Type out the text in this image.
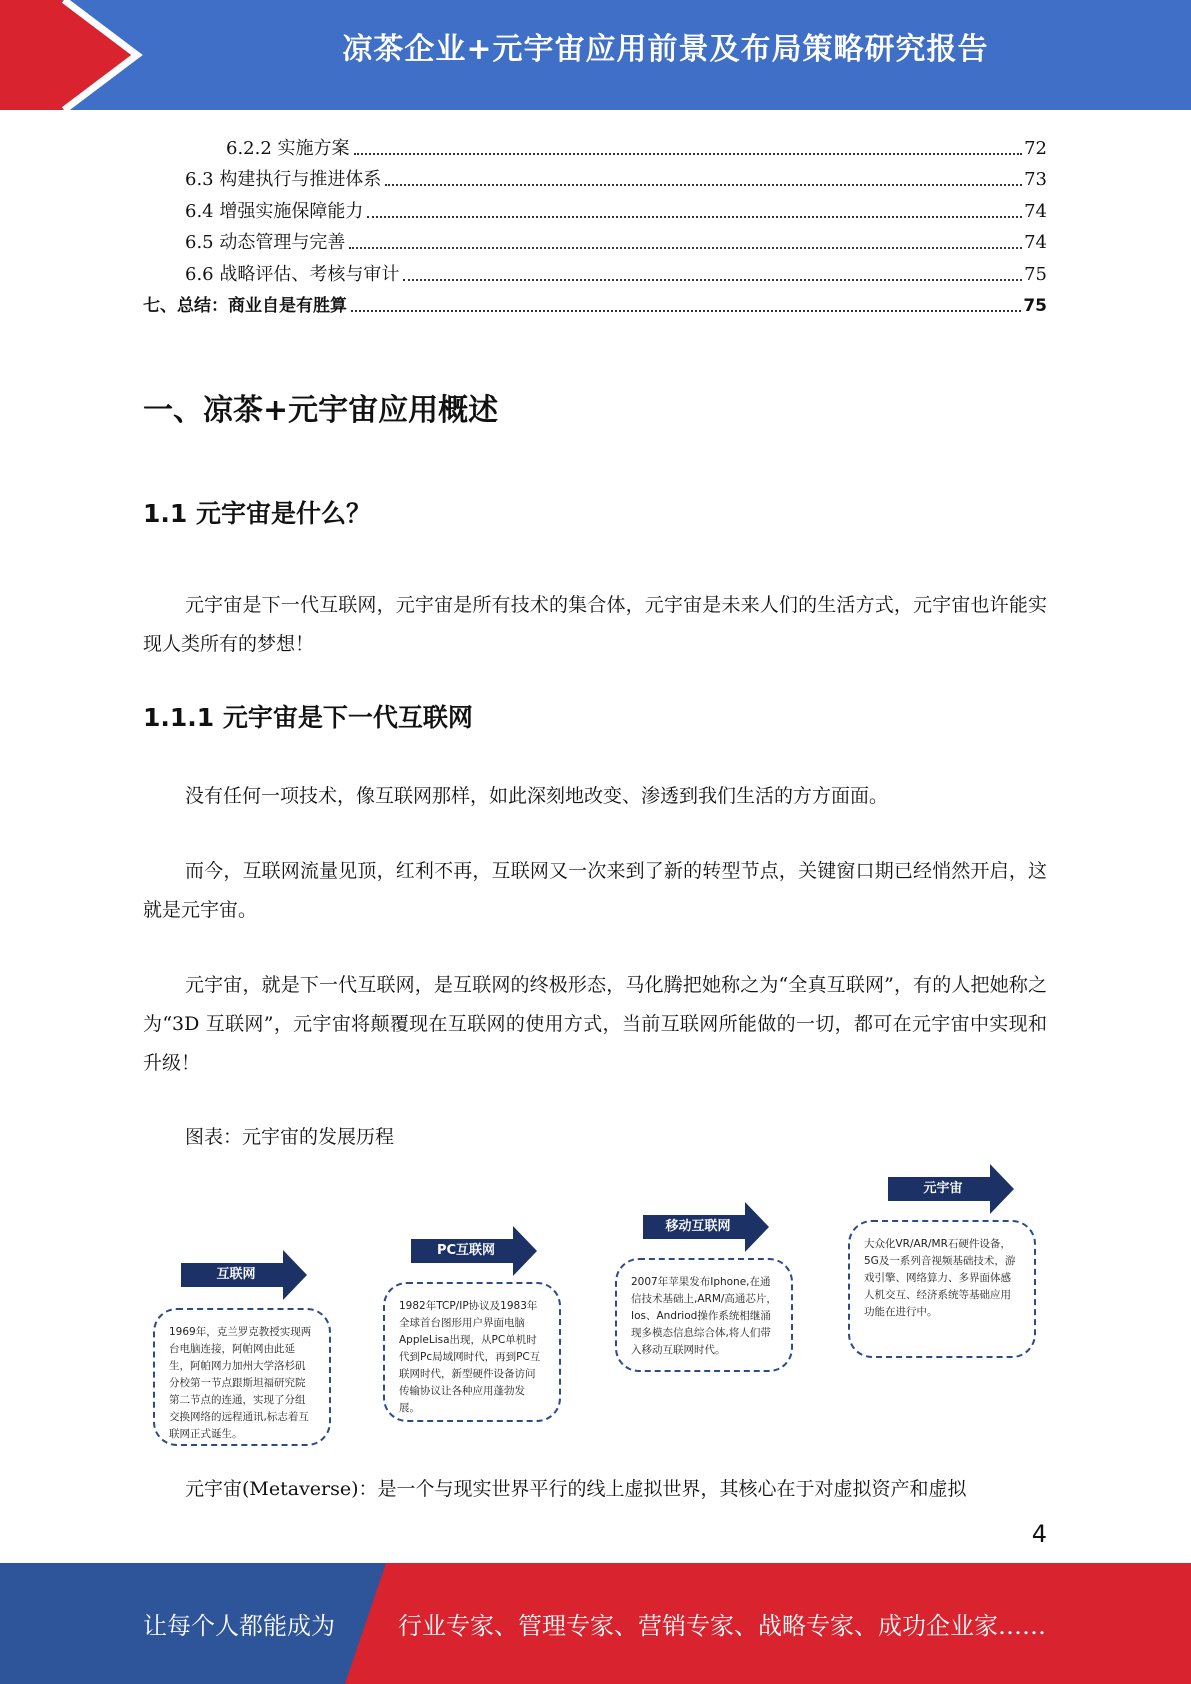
凉茶企业+元宇宙应用前景及布局策略研究报告
6.2.2 实施方案	72
6.3 构建执行与推进体系	73
6.4 增强实施保障能力	74
6.5 动态管理与完善	74
6.6 战略评估、考核与审计	75
七、总结：商业自是有胜算	75
一、凉茶+元宇宙应用概述
1.1 元宇宙是什么？
元宇宙是下一代互联网，元宇宙是所有技术的集合体，元宇宙是未来人们的生活方式，元宇宙也许能实现人类所有的梦想！
1.1.1 元宇宙是下一代互联网
没有任何一项技术，像互联网那样，如此深刻地改变、渗透到我们生活的方方面面。
而今，互联网流量见顶，红利不再，互联网又一次来到了新的转型节点，关键窗口期已经悄然开启，这就是元宇宙。
元宇宙，就是下一代互联网，是互联网的终极形态，马化腾把她称之为“全真互联网”，有的人把她称之为“3D 互联网”，元宇宙将颠覆现在互联网的使用方式，当前互联网所能做的一切，都可在元宇宙中实现和升级！
图表：元宇宙的发展历程
互联网
1969年，克兰罗克教授实现两台电脑连接，阿帕网由此延生，阿帕网力加州大学洛杉矶分校第一节点跟斯坦福研究院第二节点的连通，实现了分组交换网络的远程通讯,标志着互联网正式诞生。
PC互联网
1982年TCP/IP协议及1983年全球首台图形用户界面电脑AppleLisa出现，从PC单机时代到Pc局域网时代，再到PC互联网时代，新型硬件设备访问传输协议让各种应用蓬勃发展。
移动互联网
2007年苹果发布Iphone,在通信技术基础上,ARM/高通芯片，Ios、Andriod操作系统相继涌现多模态信息综合体,将人们带入移动互联网时代。
元宇宙
大众化VR/AR/MR石硬件设备，5G及一系列音视频基础技术，游戏引擎、网络算力、多界面体感人机交互、经济系统等基础应用功能在进行中。
元宇宙(Metaverse)：是一个与现实世界平行的线上虚拟世界，其核心在于对虚拟资产和虚拟
4
让每个人都能成为	行业专家、管理专家、营销专家、战略专家、成功企业家……
